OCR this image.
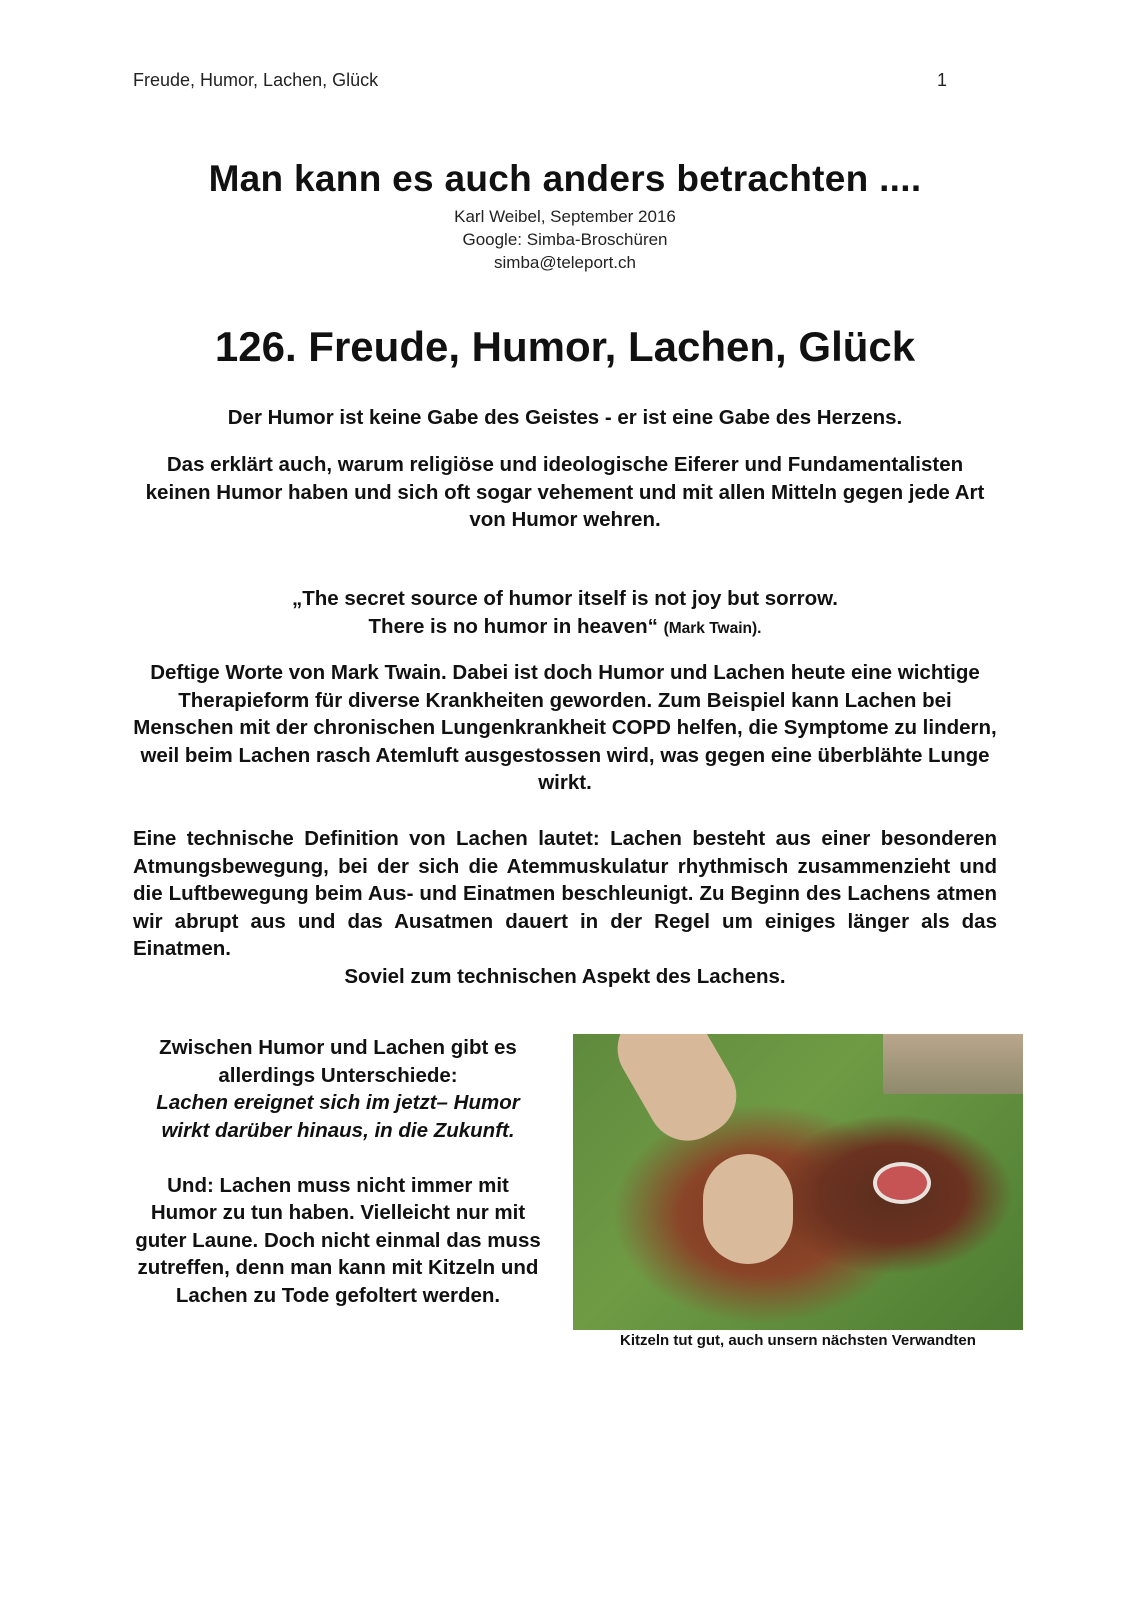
Freude, Humor, Lachen, Glück	1
Man kann es auch anders betrachten ....
Karl Weibel, September 2016
Google: Simba-Broschüren
simba@teleport.ch
126. Freude, Humor, Lachen, Glück

Der Humor ist keine Gabe des Geistes - er ist eine Gabe des Herzens.

Das erklärt auch, warum religiöse und ideologische Eiferer und Fundamentalisten keinen Humor haben und sich oft sogar vehement und mit allen Mitteln gegen jede Art von Humor wehren.

„The secret source of humor itself is not joy but sorrow.
There is no humor in heaven“ (Mark Twain).

Deftige Worte von Mark Twain. Dabei ist doch Humor und Lachen heute eine wichtige Therapieform für diverse Krankheiten geworden. Zum Beispiel kann Lachen bei Menschen mit der chronischen Lungenkrankheit COPD helfen, die Symptome zu lindern, weil beim Lachen rasch Atemluft ausgestossen wird, was gegen eine überblähte Lunge wirkt.

Eine technische Definition von Lachen lautet: Lachen besteht aus einer besonderen Atmungsbewegung, bei der sich die Atemmuskulatur rhythmisch zusammenzieht und die Luftbewegung beim Aus- und Einatmen beschleunigt. Zu Beginn des Lachens atmen wir abrupt aus und das Ausatmen dauert in der Regel um einiges länger als das Einatmen.
Soviel zum technischen Aspekt des Lachens.

Zwischen Humor und Lachen gibt es allerdings Unterschiede:
Lachen ereignet sich im jetzt– Humor wirkt darüber hinaus, in die Zukunft.
Und: Lachen muss nicht immer mit Humor zu tun haben. Vielleicht nur mit guter Laune. Doch nicht einmal das muss zutreffen, denn man kann mit Kitzeln und Lachen zu Tode gefoltert werden.
Kitzeln tut gut, auch unsern nächsten Verwandten
